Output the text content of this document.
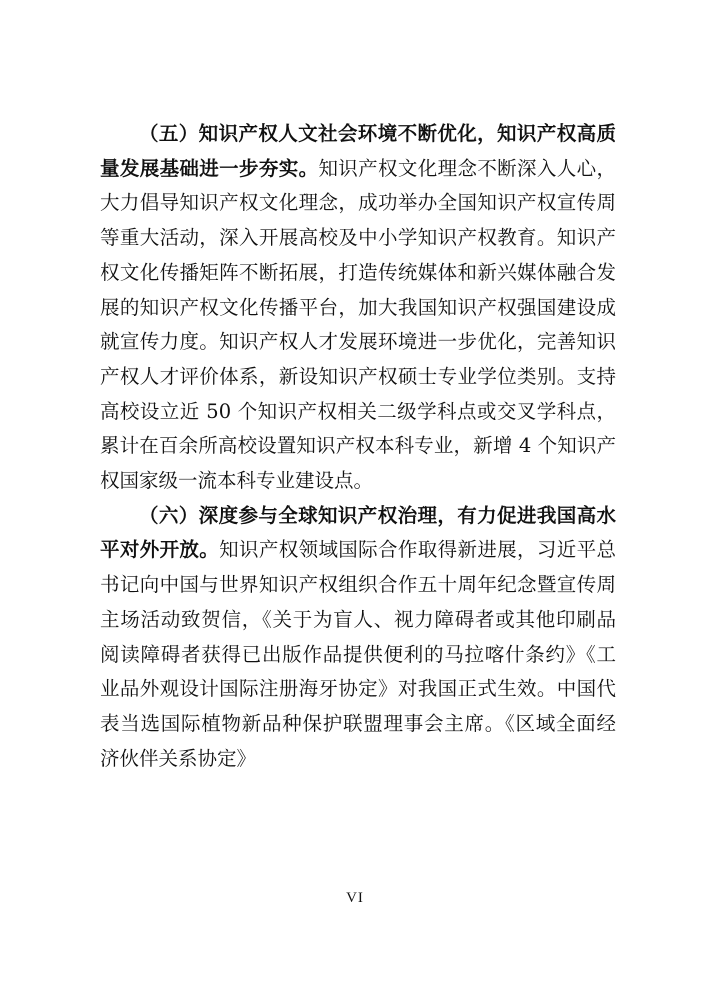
（五）知识产权人文社会环境不断优化，知识产权高质量发展基础进一步夯实。知识产权文化理念不断深入人心，大力倡导知识产权文化理念，成功举办全国知识产权宣传周等重大活动，深入开展高校及中小学知识产权教育。知识产权文化传播矩阵不断拓展，打造传统媒体和新兴媒体融合发展的知识产权文化传播平台，加大我国知识产权强国建设成就宣传力度。知识产权人才发展环境进一步优化，完善知识产权人才评价体系，新设知识产权硕士专业学位类别。支持高校设立近 50 个知识产权相关二级学科点或交叉学科点，累计在百余所高校设置知识产权本科专业，新增 4 个知识产权国家级一流本科专业建设点。

（六）深度参与全球知识产权治理，有力促进我国高水平对外开放。知识产权领域国际合作取得新进展，习近平总书记向中国与世界知识产权组织合作五十周年纪念暨宣传周主场活动致贺信，《关于为盲人、视力障碍者或其他印刷品阅读障碍者获得已出版作品提供便利的马拉喀什条约》《工业品外观设计国际注册海牙协定》对我国正式生效。中国代表当选国际植物新品种保护联盟理事会主席。《区域全面经济伙伴关系协定》

VI
